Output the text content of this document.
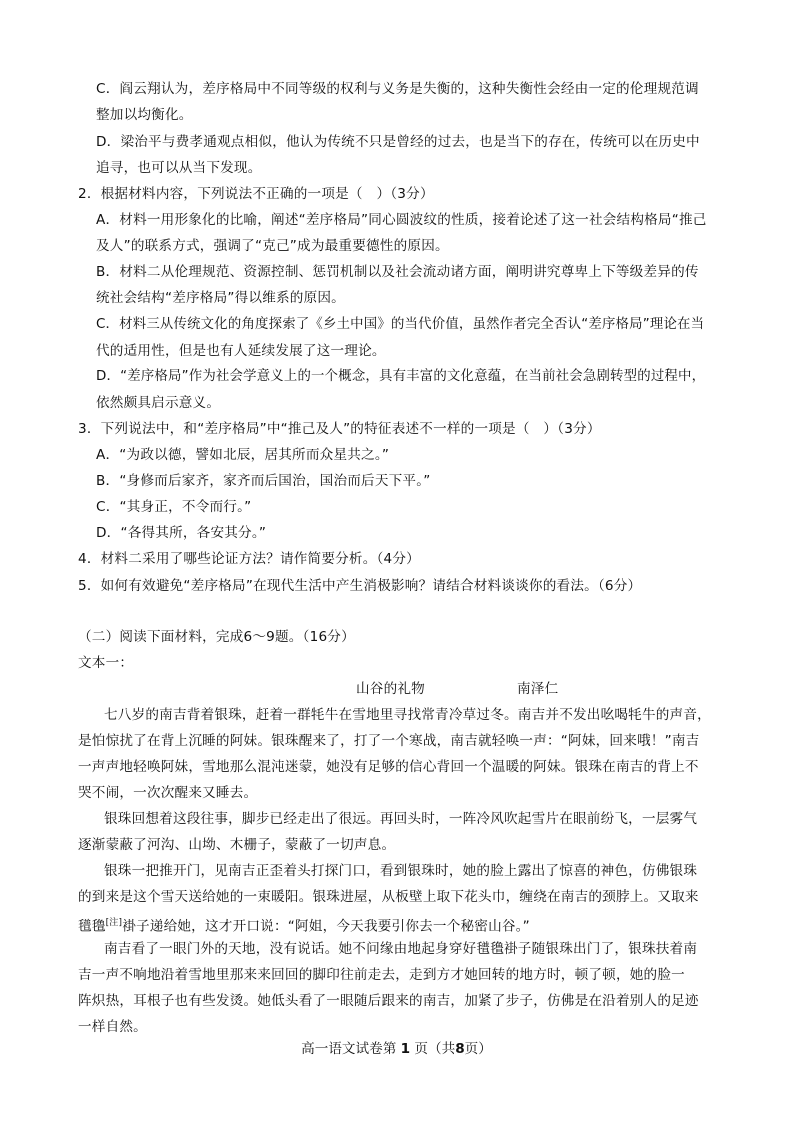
C．阎云翔认为，差序格局中不同等级的权利与义务是失衡的，这种失衡性会经由一定的伦理规范调
整加以均衡化。
D．梁治平与费孝通观点相似，他认为传统不只是曾经的过去，也是当下的存在，传统可以在历史中
追寻，也可以从当下发现。
2．根据材料内容，下列说法不正确的一项是（　）（3分）
A．材料一用形象化的比喻，阐述“差序格局”同心圆波纹的性质，接着论述了这一社会结构格局“推己
及人”的联系方式，强调了“克己”成为最重要德性的原因。
B．材料二从伦理规范、资源控制、惩罚机制以及社会流动诸方面，阐明讲究尊卑上下等级差异的传
统社会结构“差序格局”得以维系的原因。
C．材料三从传统文化的角度探索了《乡土中国》的当代价值，虽然作者完全否认“差序格局”理论在当
代的适用性，但是也有人延续发展了这一理论。
D．“差序格局”作为社会学意义上的一个概念，具有丰富的文化意蕴，在当前社会急剧转型的过程中，
依然颇具启示意义。
3．下列说法中，和“差序格局”中“推己及人”的特征表述不一样的一项是（　）（3分）
A．“为政以德，譬如北辰，居其所而众星共之。”
B．“身修而后家齐，家齐而后国治，国治而后天下平。”
C．“其身正，不令而行。”
D．“各得其所，各安其分。”
4．材料二采用了哪些论证方法？请作简要分析。（4分）
5．如何有效避免“差序格局”在现代生活中产生消极影响？请结合材料谈谈你的看法。（6分）
（二）阅读下面材料，完成6～9题。（16分）
文本一：
山谷的礼物	南泽仁
七八岁的南吉背着银珠，赶着一群牦牛在雪地里寻找常青冷草过冬。南吉并不发出吆喝牦牛的声音，
是怕惊扰了在背上沉睡的阿妹。银珠醒来了，打了一个寒战，南吉就轻唤一声：“阿妹，回来哦！”南吉
一声声地轻唤阿妹，雪地那么混沌迷蒙，她没有足够的信心背回一个温暖的阿妹。银珠在南吉的背上不
哭不闹，一次次醒来又睡去。
银珠回想着这段往事，脚步已经走出了很远。再回头时，一阵冷风吹起雪片在眼前纷飞，一层雾气
逐渐蒙蔽了河沟、山坳、木栅子，蒙蔽了一切声息。
银珠一把推开门，见南吉正歪着头打探门口，看到银珠时，她的脸上露出了惊喜的神色，仿佛银珠
的到来是这个雪天送给她的一束暖阳。银珠进屋，从板壁上取下花头巾，缠绕在南吉的颈脖上。又取来
氆氇[注]褂子递给她，这才开口说：“阿姐，今天我要引你去一个秘密山谷。”
南吉看了一眼门外的天地，没有说话。她不问缘由地起身穿好氆氇褂子随银珠出门了，银珠扶着南
吉一声不响地沿着雪地里那来来回回的脚印往前走去，走到方才她回转的地方时，顿了顿，她的脸一
阵炽热，耳根子也有些发烫。她低头看了一眼随后跟来的南吉，加紧了步子，仿佛是在沿着别人的足迹
一样自然。
高一语文试卷第 1 页（共8页）
